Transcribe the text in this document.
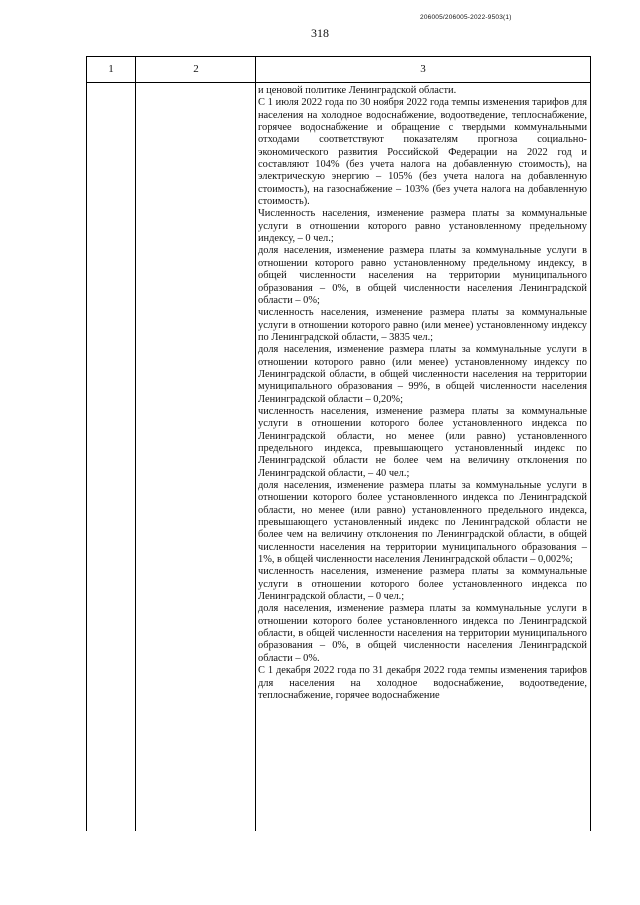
318
206005/206005-2022-9503(1)
1	2	3

и ценовой политике Ленинградской области.

С 1 июля 2022 года по 30 ноября 2022 года темпы изменения тарифов для населения на холодное водоснабжение, водоотведение, теплоснабжение, горячее водоснабжение и обращение с твердыми коммунальными отходами соответствуют показателям прогноза социально-экономического развития Российской Федерации на 2022 год и составляют 104% (без учета налога на добавленную стоимость), на электрическую энергию – 105% (без учета налога на добавленную стоимость), на газоснабжение – 103% (без учета налога на добавленную стоимость).

Численность населения, изменение размера платы за коммунальные услуги в отношении которого равно установленному предельному индексу, – 0 чел.;

доля населения, изменение размера платы за коммунальные услуги в отношении которого равно установленному предельному индексу, в общей численности населения на территории муниципального образования – 0%, в общей численности населения Ленинградской области – 0%;

численность населения, изменение размера платы за коммунальные услуги в отношении которого равно (или менее) установленному индексу по Ленинградской области, – 3835 чел.;

доля населения, изменение размера платы за коммунальные услуги в отношении которого равно (или менее) установленному индексу по Ленинградской области, в общей численности населения на территории муниципального образования – 99%, в общей численности населения Ленинградской области – 0,20%;

численность населения, изменение размера платы за коммунальные услуги в отношении которого более установленного индекса по Ленинградской области, но менее (или равно) установленного предельного индекса, превышающего установленный индекс по Ленинградской области не более чем на величину отклонения по Ленинградской области, – 40 чел.;

доля населения, изменение размера платы за коммунальные услуги в отношении которого более установленного индекса по Ленинградской области, но менее (или равно) установленного предельного индекса, превышающего установленный индекс по Ленинградской области не более чем на величину отклонения по Ленинградской области, в общей численности населения на территории муниципального образования – 1%, в общей численности населения Ленинградской области – 0,002%;

численность населения, изменение размера платы за коммунальные услуги в отношении которого более установленного индекса по Ленинградской области, – 0 чел.;

доля населения, изменение размера платы за коммунальные услуги в отношении которого более установленного индекса по Ленинградской области, в общей численности населения на территории муниципального образования – 0%, в общей численности населения Ленинградской области – 0%.

С 1 декабря 2022 года по 31 декабря 2022 года темпы изменения тарифов для населения на холодное водоснабжение, водоотведение, теплоснабжение, горячее водоснабжение
